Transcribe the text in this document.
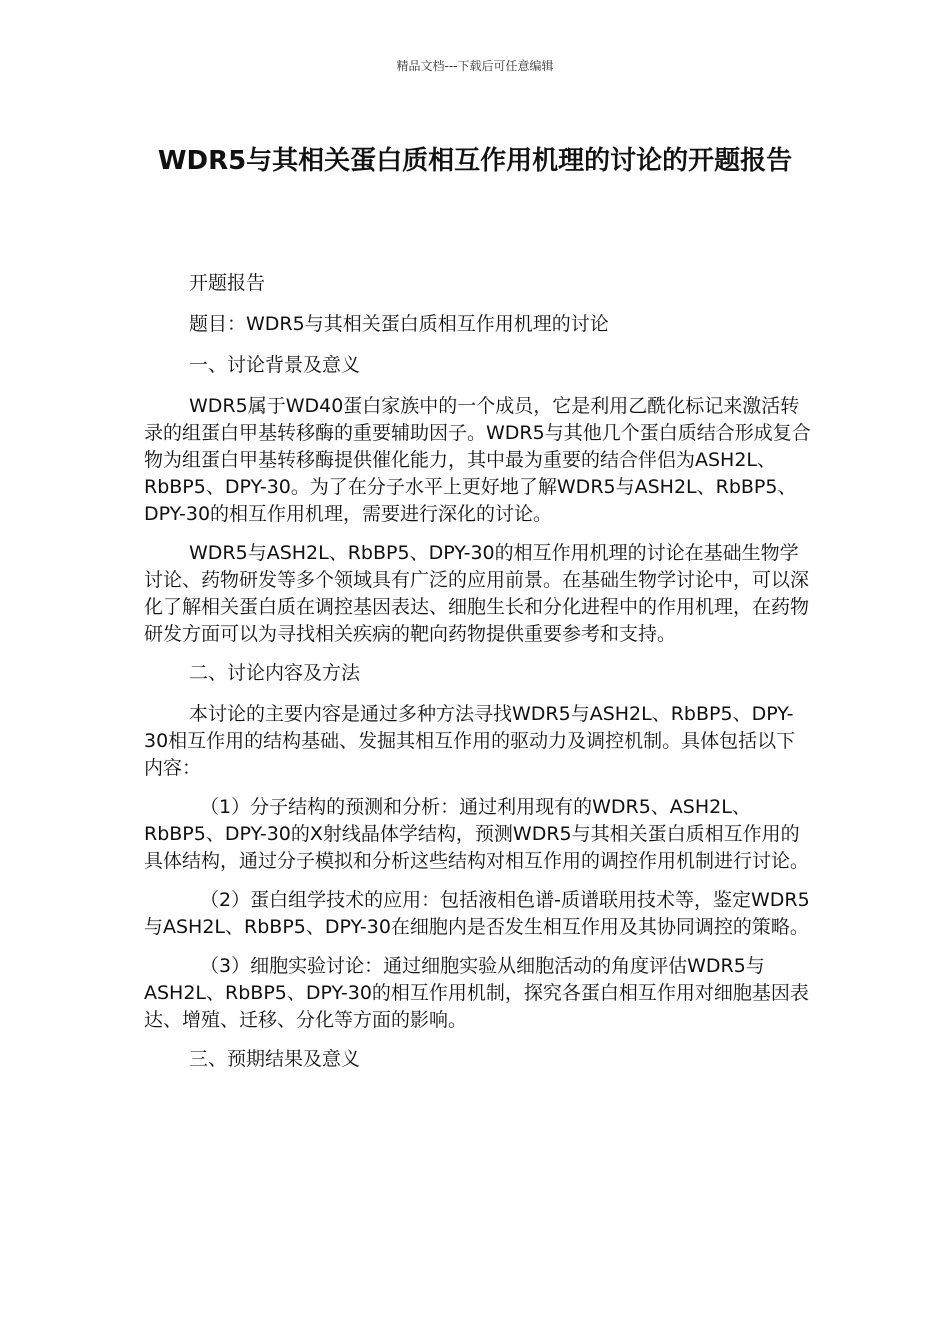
精品文档---下载后可任意编辑
WDR5与其相关蛋白质相互作用机理的讨论的开题报告

开题报告

题目：WDR5与其相关蛋白质相互作用机理的讨论

一、讨论背景及意义

WDR5属于WD40蛋白家族中的一个成员，它是利用乙酰化标记来激活转录的组蛋白甲基转移酶的重要辅助因子。WDR5与其他几个蛋白质结合形成复合物为组蛋白甲基转移酶提供催化能力，其中最为重要的结合伴侣为ASH2L、RbBP5、DPY-30。为了在分子水平上更好地了解WDR5与ASH2L、RbBP5、DPY-30的相互作用机理，需要进行深化的讨论。

WDR5与ASH2L、RbBP5、DPY-30的相互作用机理的讨论在基础生物学讨论、药物研发等多个领域具有广泛的应用前景。在基础生物学讨论中，可以深化了解相关蛋白质在调控基因表达、细胞生长和分化进程中的作用机理，在药物研发方面可以为寻找相关疾病的靶向药物提供重要参考和支持。

二、讨论内容及方法

本讨论的主要内容是通过多种方法寻找WDR5与ASH2L、RbBP5、DPY-30相互作用的结构基础、发掘其相互作用的驱动力及调控机制。具体包括以下内容：

（1）分子结构的预测和分析：通过利用现有的WDR5、ASH2L、RbBP5、DPY-30的X射线晶体学结构，预测WDR5与其相关蛋白质相互作用的具体结构，通过分子模拟和分析这些结构对相互作用的调控作用机制进行讨论。

（2）蛋白组学技术的应用：包括液相色谱-质谱联用技术等，鉴定WDR5与ASH2L、RbBP5、DPY-30在细胞内是否发生相互作用及其协同调控的策略。

（3）细胞实验讨论：通过细胞实验从细胞活动的角度评估WDR5与ASH2L、RbBP5、DPY-30的相互作用机制，探究各蛋白相互作用对细胞基因表达、增殖、迁移、分化等方面的影响。

三、预期结果及意义
